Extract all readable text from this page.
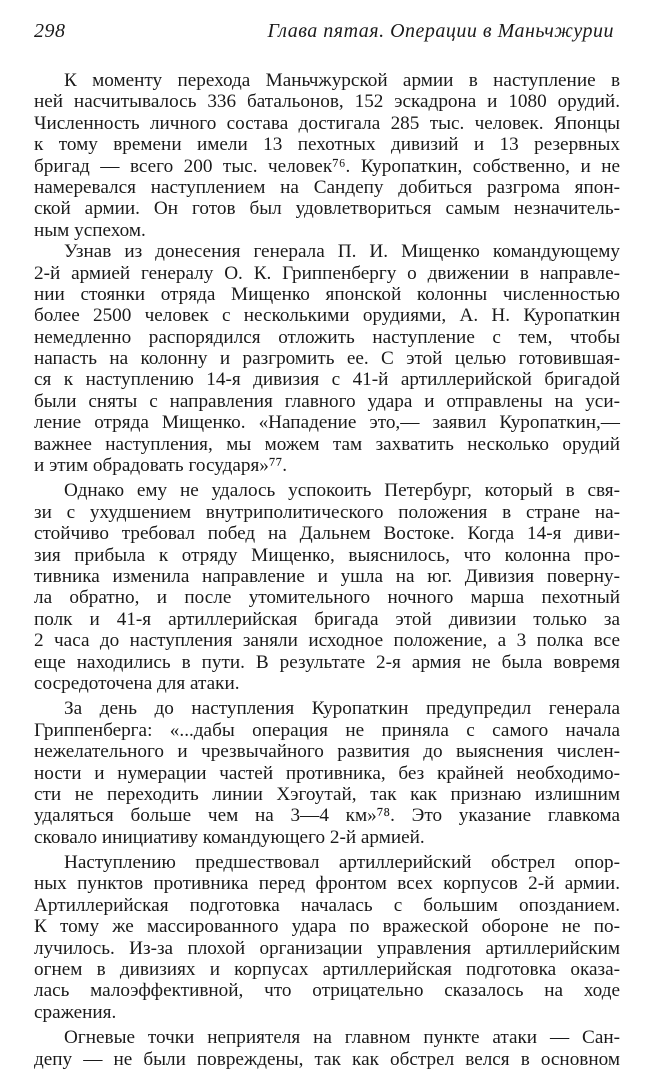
298	Глава пятая. Операции в Маньчжурии
К моменту перехода Маньчжурской армии в наступление в
ней насчитывалось 336 батальонов, 152 эскадрона и 1080 орудий.
Численность личного состава достигала 285 тыс. человек. Японцы
к тому времени имели 13 пехотных дивизий и 13 резервных
бригад — всего 200 тыс. человек⁷⁶. Куропаткин, собственно, и не
намеревался наступлением на Сандепу добиться разгрома япон-
ской армии. Он готов был удовлетвориться самым незначитель-
ным успехом.
Узнав из донесения генерала П. И. Мищенко командующему
2-й армией генералу О. К. Гриппенбергу о движении в направле-
нии стоянки отряда Мищенко японской колонны численностью
более 2500 человек с несколькими орудиями, А. Н. Куропаткин
немедленно распорядился отложить наступление с тем, чтобы
напасть на колонну и разгромить ее. С этой целью готовившая-
ся к наступлению 14-я дивизия с 41-й артиллерийской бригадой
были сняты с направления главного удара и отправлены на уси-
ление отряда Мищенко. «Нападение это,— заявил Куропаткин,—
важнее наступления, мы можем там захватить несколько орудий
и этим обрадовать государя»⁷⁷.
Однако ему не удалось успокоить Петербург, который в свя-
зи с ухудшением внутриполитического положения в стране на-
стойчиво требовал побед на Дальнем Востоке. Когда 14-я диви-
зия прибыла к отряду Мищенко, выяснилось, что колонна про-
тивника изменила направление и ушла на юг. Дивизия поверну-
ла обратно, и после утомительного ночного марша пехотный
полк и 41-я артиллерийская бригада этой дивизии только за
2 часа до наступления заняли исходное положение, а 3 полка все
еще находились в пути. В результате 2-я армия не была вовремя
сосредоточена для атаки.
За день до наступления Куропаткин предупредил генерала
Гриппенберга: «...дабы операция не приняла с самого начала
нежелательного и чрезвычайного развития до выяснения числен-
ности и нумерации частей противника, без крайней необходимо-
сти не переходить линии Хэгоутай, так как признаю излишним
удаляться больше чем на 3—4 км»⁷⁸. Это указание главкома
сковало инициативу командующего 2-й армией.
Наступлению предшествовал артиллерийский обстрел опор-
ных пунктов противника перед фронтом всех корпусов 2-й армии.
Артиллерийская подготовка началась с большим опозданием.
К тому же массированного удара по вражеской обороне не по-
лучилось. Из-за плохой организации управления артиллерийским
огнем в дивизиях и корпусах артиллерийская подготовка оказа-
лась малоэффективной, что отрицательно сказалось на ходе
сражения.
Огневые точки неприятеля на главном пункте атаки — Сан-
депу — не были повреждены, так как обстрел велся в основном
